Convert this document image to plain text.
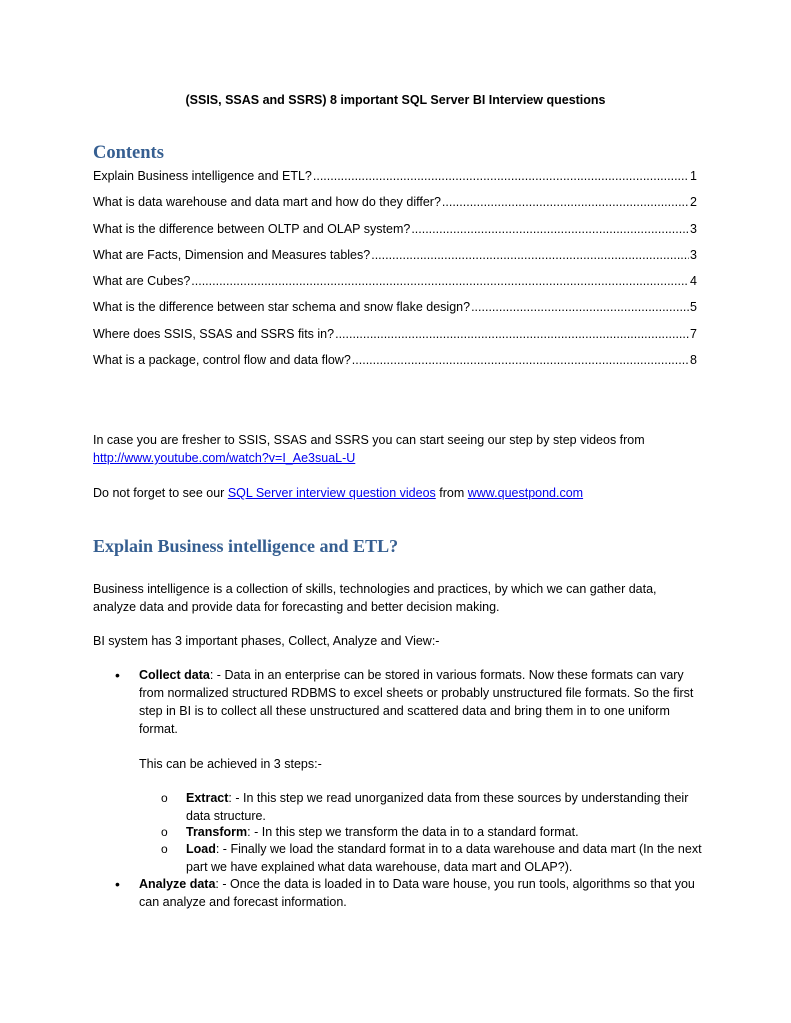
(SSIS, SSAS and SSRS) 8 important SQL Server BI Interview questions
Contents
Explain Business intelligence and ETL? .....	1
What is data warehouse and data mart and how do they differ? .....	2
What is the difference between OLTP and OLAP system? .....	3
What are Facts, Dimension and Measures tables? .....	3
What are Cubes? .....	4
What is the difference between star schema and snow flake design? .....	5
Where does SSIS, SSAS and SSRS fits in? .....	7
What is a package, control flow and data flow? .....	8
In case you are fresher to SSIS, SSAS and SSRS you can start seeing our step by step videos from
http://www.youtube.com/watch?v=I_Ae3suaL-U
Do not forget to see our SQL Server interview question videos from www.questpond.com
Explain Business intelligence and ETL?
Business intelligence is a collection of skills, technologies and practices, by which we can gather data, analyze data and provide data for forecasting and better decision making.
BI system has 3 important phases, Collect, Analyze and View:-
• Collect data: - Data in an enterprise can be stored in various formats. Now these formats can vary from normalized structured RDBMS to excel sheets or probably unstructured file formats. So the first step in BI is to collect all these unstructured and scattered data and bring them in to one uniform format.
This can be achieved in 3 steps:-
o Extract: - In this step we read unorganized data from these sources by understanding their data structure.
o Transform: - In this step we transform the data in to a standard format.
o Load: - Finally we load the standard format in to a data warehouse and data mart (In the next part we have explained what data warehouse, data mart and OLAP?).
• Analyze data: - Once the data is loaded in to Data ware house, you run tools, algorithms so that you can analyze and forecast information.
